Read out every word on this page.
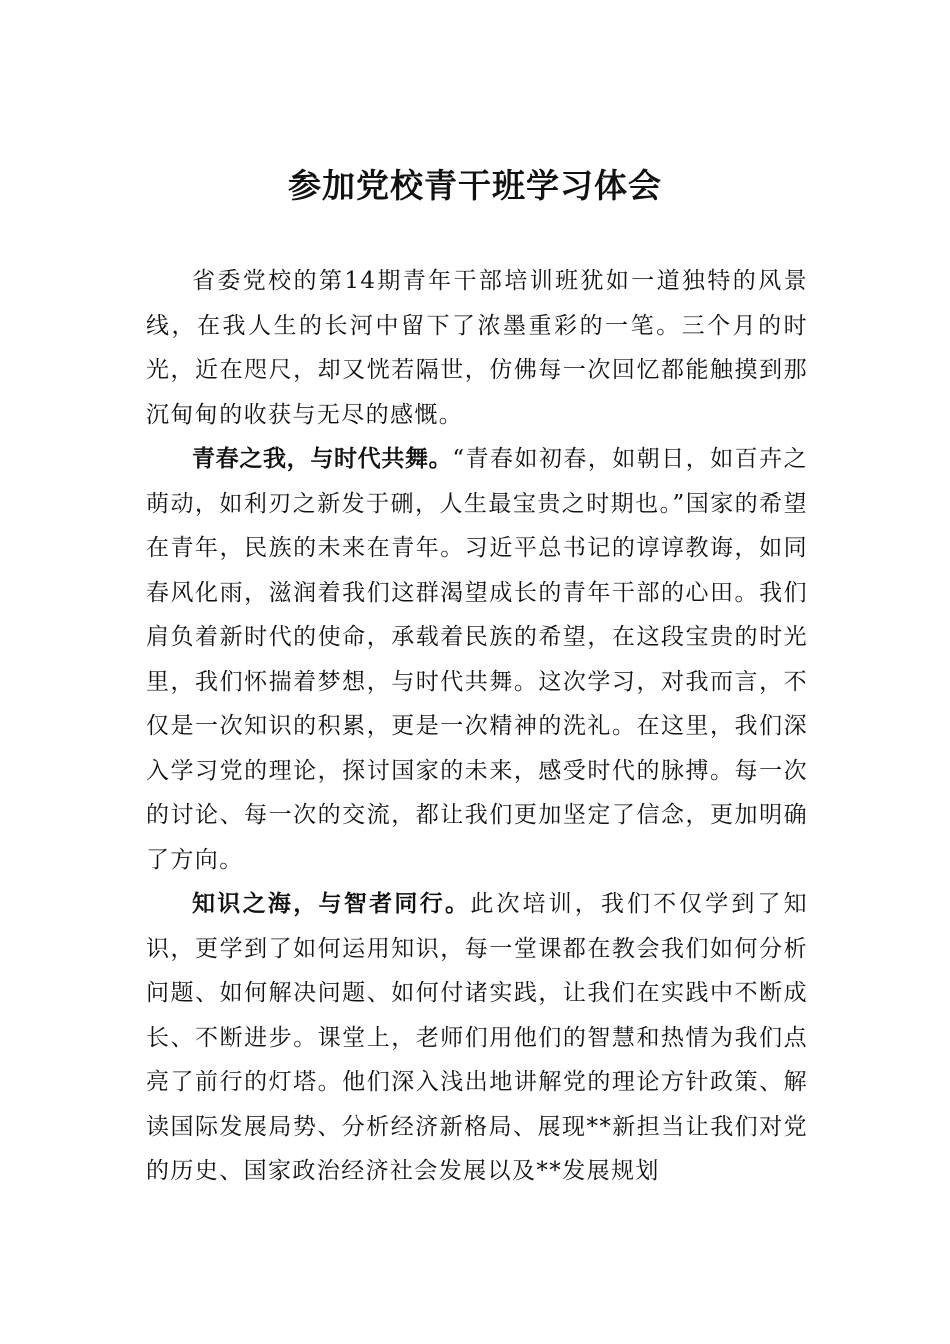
参加党校青干班学习体会

省委党校的第14期青年干部培训班犹如一道独特的风景线，在我人生的长河中留下了浓墨重彩的一笔。三个月的时光，近在咫尺，却又恍若隔世，仿佛每一次回忆都能触摸到那沉甸甸的收获与无尽的感慨。

青春之我，与时代共舞。“青春如初春，如朝日，如百卉之萌动，如利刃之新发于硎，人生最宝贵之时期也。”国家的希望在青年，民族的未来在青年。习近平总书记的谆谆教诲，如同春风化雨，滋润着我们这群渴望成长的青年干部的心田。我们肩负着新时代的使命，承载着民族的希望，在这段宝贵的时光里，我们怀揣着梦想，与时代共舞。这次学习，对我而言，不仅是一次知识的积累，更是一次精神的洗礼。在这里，我们深入学习党的理论，探讨国家的未来，感受时代的脉搏。每一次的讨论、每一次的交流，都让我们更加坚定了信念，更加明确了方向。

知识之海，与智者同行。此次培训，我们不仅学到了知识，更学到了如何运用知识，每一堂课都在教会我们如何分析问题、如何解决问题、如何付诸实践，让我们在实践中不断成长、不断进步。课堂上，老师们用他们的智慧和热情为我们点亮了前行的灯塔。他们深入浅出地讲解党的理论方针政策、解读国际发展局势、分析经济新格局、展现**新担当让我们对党的历史、国家政治经济社会发展以及**发展规划
